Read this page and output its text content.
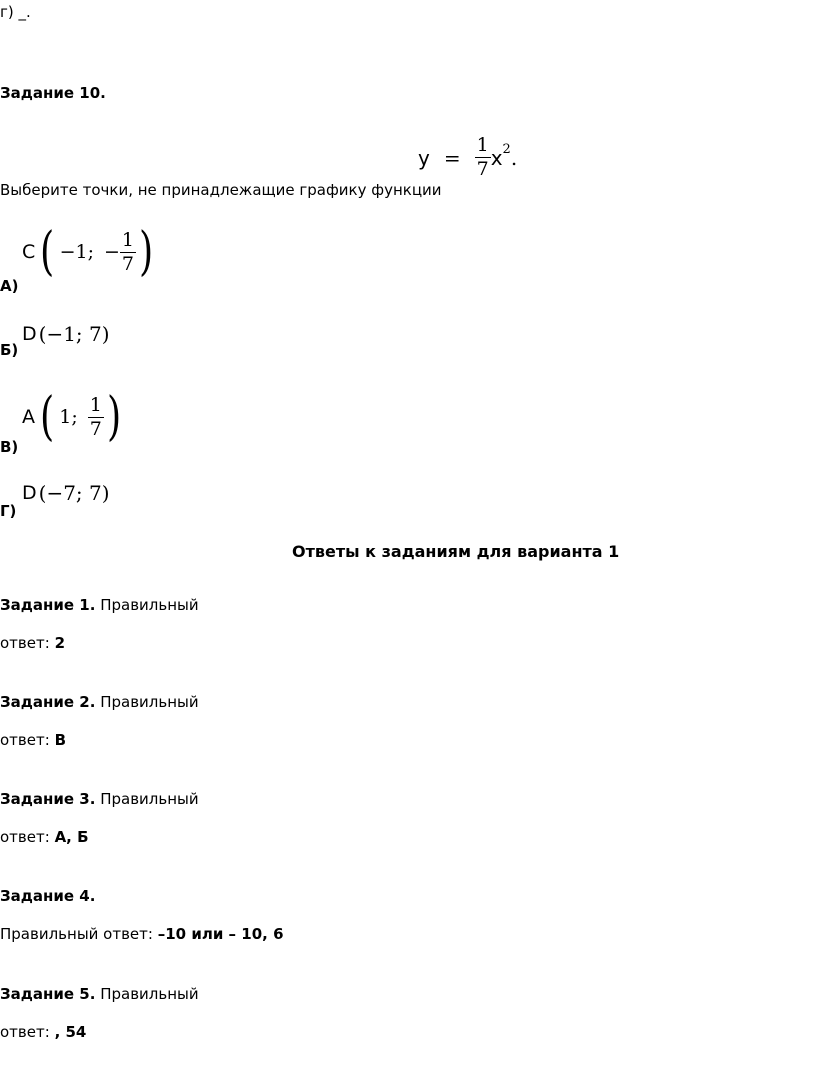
г) _.
Задание 10.
$y = \frac{1}{7} x^2$ .
Выберите точки, не принадлежащие графику функции
C ( −1; − $\frac{1}{7}$ )
А)
D (−1; 7)
Б)
A ( 1; $\frac{1}{7}$ )
В)
D (−7; 7)
Г)
Ответы к заданиям для варианта 1
Задание 1. Правильный
ответ: 2
Задание 2. Правильный
ответ: В
Задание 3. Правильный
ответ: А, Б
Задание 4.
Правильный ответ: –10 или – 10, 6
Задание 5. Правильный
ответ: , 54
